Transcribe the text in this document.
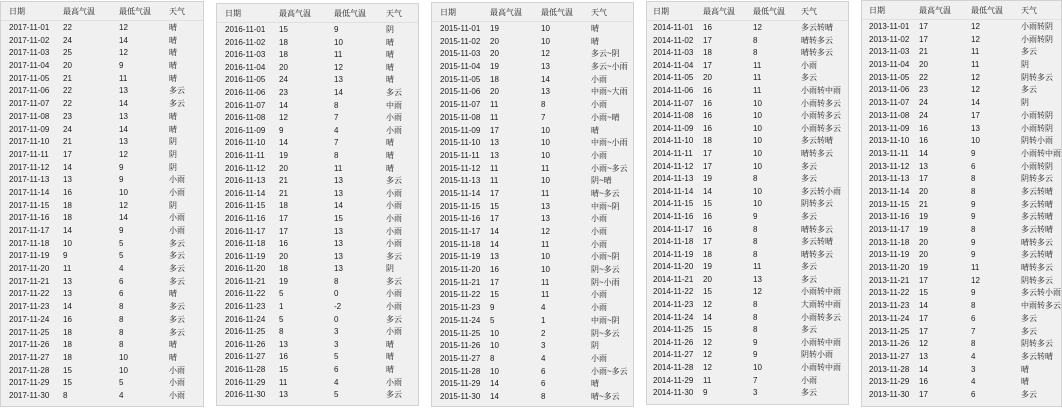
日期	最高气温	最低气温	天气
2017-11-01	22	12	晴
2017-11-02	24	14	晴
2017-11-03	25	12	晴
2017-11-04	20	9	晴
2017-11-05	21	11	晴
2017-11-06	22	13	多云
2017-11-07	22	14	多云
2017-11-08	23	13	晴
2017-11-09	24	14	晴
2017-11-10	21	13	阴
2017-11-11	17	12	阴
2017-11-12	14	9	阴
2017-11-13	13	9	小雨
2017-11-14	16	10	小雨
2017-11-15	18	12	阴
2017-11-16	18	14	小雨
2017-11-17	14	9	小雨
2017-11-18	10	5	多云
2017-11-19	9	5	多云
2017-11-20	11	4	多云
2017-11-21	13	6	多云
2017-11-22	13	6	晴
2017-11-23	14	8	多云
2017-11-24	16	8	多云
2017-11-25	18	8	多云
2017-11-26	18	8	晴
2017-11-27	18	10	晴
2017-11-28	15	10	小雨
2017-11-29	15	5	小雨
2017-11-30	8	4	小雨
日期	最高气温	最低气温	天气
2016-11-01	15	9	阴
2016-11-02	18	10	晴
2016-11-03	18	11	晴
2016-11-04	20	12	晴
2016-11-05	24	13	晴
2016-11-06	23	14	多云
2016-11-07	14	8	中雨
2016-11-08	12	7	小雨
2016-11-09	9	4	小雨
2016-11-10	14	7	晴
2016-11-11	19	8	晴
2016-11-12	20	11	晴
2016-11-13	21	13	多云
2016-11-14	21	13	小雨
2016-11-15	18	14	小雨
2016-11-16	17	15	小雨
2016-11-17	17	13	小雨
2016-11-18	16	13	小雨
2016-11-19	20	13	多云
2016-11-20	18	13	阴
2016-11-21	19	8	多云
2016-11-22	5	0	小雨
2016-11-23	1	-2	小雨
2016-11-24	5	0	多云
2016-11-25	8	3	小雨
2016-11-26	13	3	晴
2016-11-27	16	5	晴
2016-11-28	15	6	晴
2016-11-29	11	4	小雨
2016-11-30	13	5	多云
日期	最高气温	最低气温	天气
2015-11-01	19	10	晴
2015-11-02	20	10	晴
2015-11-03	20	12	多云~阴
2015-11-04	19	13	多云~小雨
2015-11-05	18	14	小雨
2015-11-06	20	13	中雨~大雨
2015-11-07	11	8	小雨
2015-11-08	11	7	小雨~晴
2015-11-09	17	10	晴
2015-11-10	13	10	中雨~小雨
2015-11-11	13	10	小雨
2015-11-12	11	11	小雨~多云
2015-11-13	11	10	阴~晴
2015-11-14	17	11	晴~多云
2015-11-15	15	13	中雨~阴
2015-11-16	17	13	小雨
2015-11-17	14	12	小雨
2015-11-18	14	11	小雨
2015-11-19	13	10	小雨~阴
2015-11-20	16	10	阴~多云
2015-11-21	17	11	阴~小雨
2015-11-22	15	11	小雨
2015-11-23	9	4	小雨
2015-11-24	5	1	中雨~阴
2015-11-25	10	2	阴~多云
2015-11-26	10	3	阴
2015-11-27	8	4	小雨
2015-11-28	10	6	小雨~多云
2015-11-29	14	6	晴
2015-11-30	14	8	晴~多云
日期	最高气温	最低气温	天气
2014-11-01	16	12	多云转晴
2014-11-02	17	8	晴转多云
2014-11-03	18	8	晴转多云
2014-11-04	17	11	小雨
2014-11-05	20	11	多云
2014-11-06	16	11	小雨转中雨
2014-11-07	16	10	小雨转多云
2014-11-08	16	10	小雨转多云
2014-11-09	16	10	小雨转多云
2014-11-10	18	10	多云转晴
2014-11-11	17	10	晴转多云
2014-11-12	17	10	多云
2014-11-13	19	8	多云
2014-11-14	14	10	多云转小雨
2014-11-15	15	10	阴转多云
2014-11-16	16	9	多云
2014-11-17	16	8	晴转多云
2014-11-18	17	8	多云转晴
2014-11-19	18	8	晴转多云
2014-11-20	19	11	多云
2014-11-21	20	13	多云
2014-11-22	15	12	小雨转中雨
2014-11-23	12	8	大雨转中雨
2014-11-24	14	8	小雨转多云
2014-11-25	15	8	多云
2014-11-26	12	9	小雨转中雨
2014-11-27	12	9	阴转小雨
2014-11-28	12	10	小雨转中雨
2014-11-29	11	7	小雨
2014-11-30	9	3	多云
日期	最高气温	最低气温	天气
2013-11-01	17	12	小雨转阴
2013-11-02	17	12	小雨转阴
2013-11-03	21	11	多云
2013-11-04	20	11	阴
2013-11-05	22	12	阴转多云
2013-11-06	23	12	多云
2013-11-07	24	14	阴
2013-11-08	24	17	小雨转阴
2013-11-09	16	13	小雨转阴
2013-11-10	16	10	阴转小雨
2013-11-11	14	9	小雨转中雨
2013-11-12	13	6	小雨转阴
2013-11-13	17	8	阴转多云
2013-11-14	20	8	多云转晴
2013-11-15	21	9	多云转晴
2013-11-16	19	9	多云转晴
2013-11-17	19	8	多云转晴
2013-11-18	20	9	晴转多云
2013-11-19	20	9	多云转晴
2013-11-20	19	11	晴转多云
2013-11-21	17	12	阴转多云
2013-11-22	15	9	多云转小雨
2013-11-23	14	8	中雨转多云
2013-11-24	17	6	多云
2013-11-25	17	7	多云
2013-11-26	12	8	阴转多云
2013-11-27	13	4	多云转晴
2013-11-28	14	3	晴
2013-11-29	16	4	晴
2013-11-30	17	6	多云
